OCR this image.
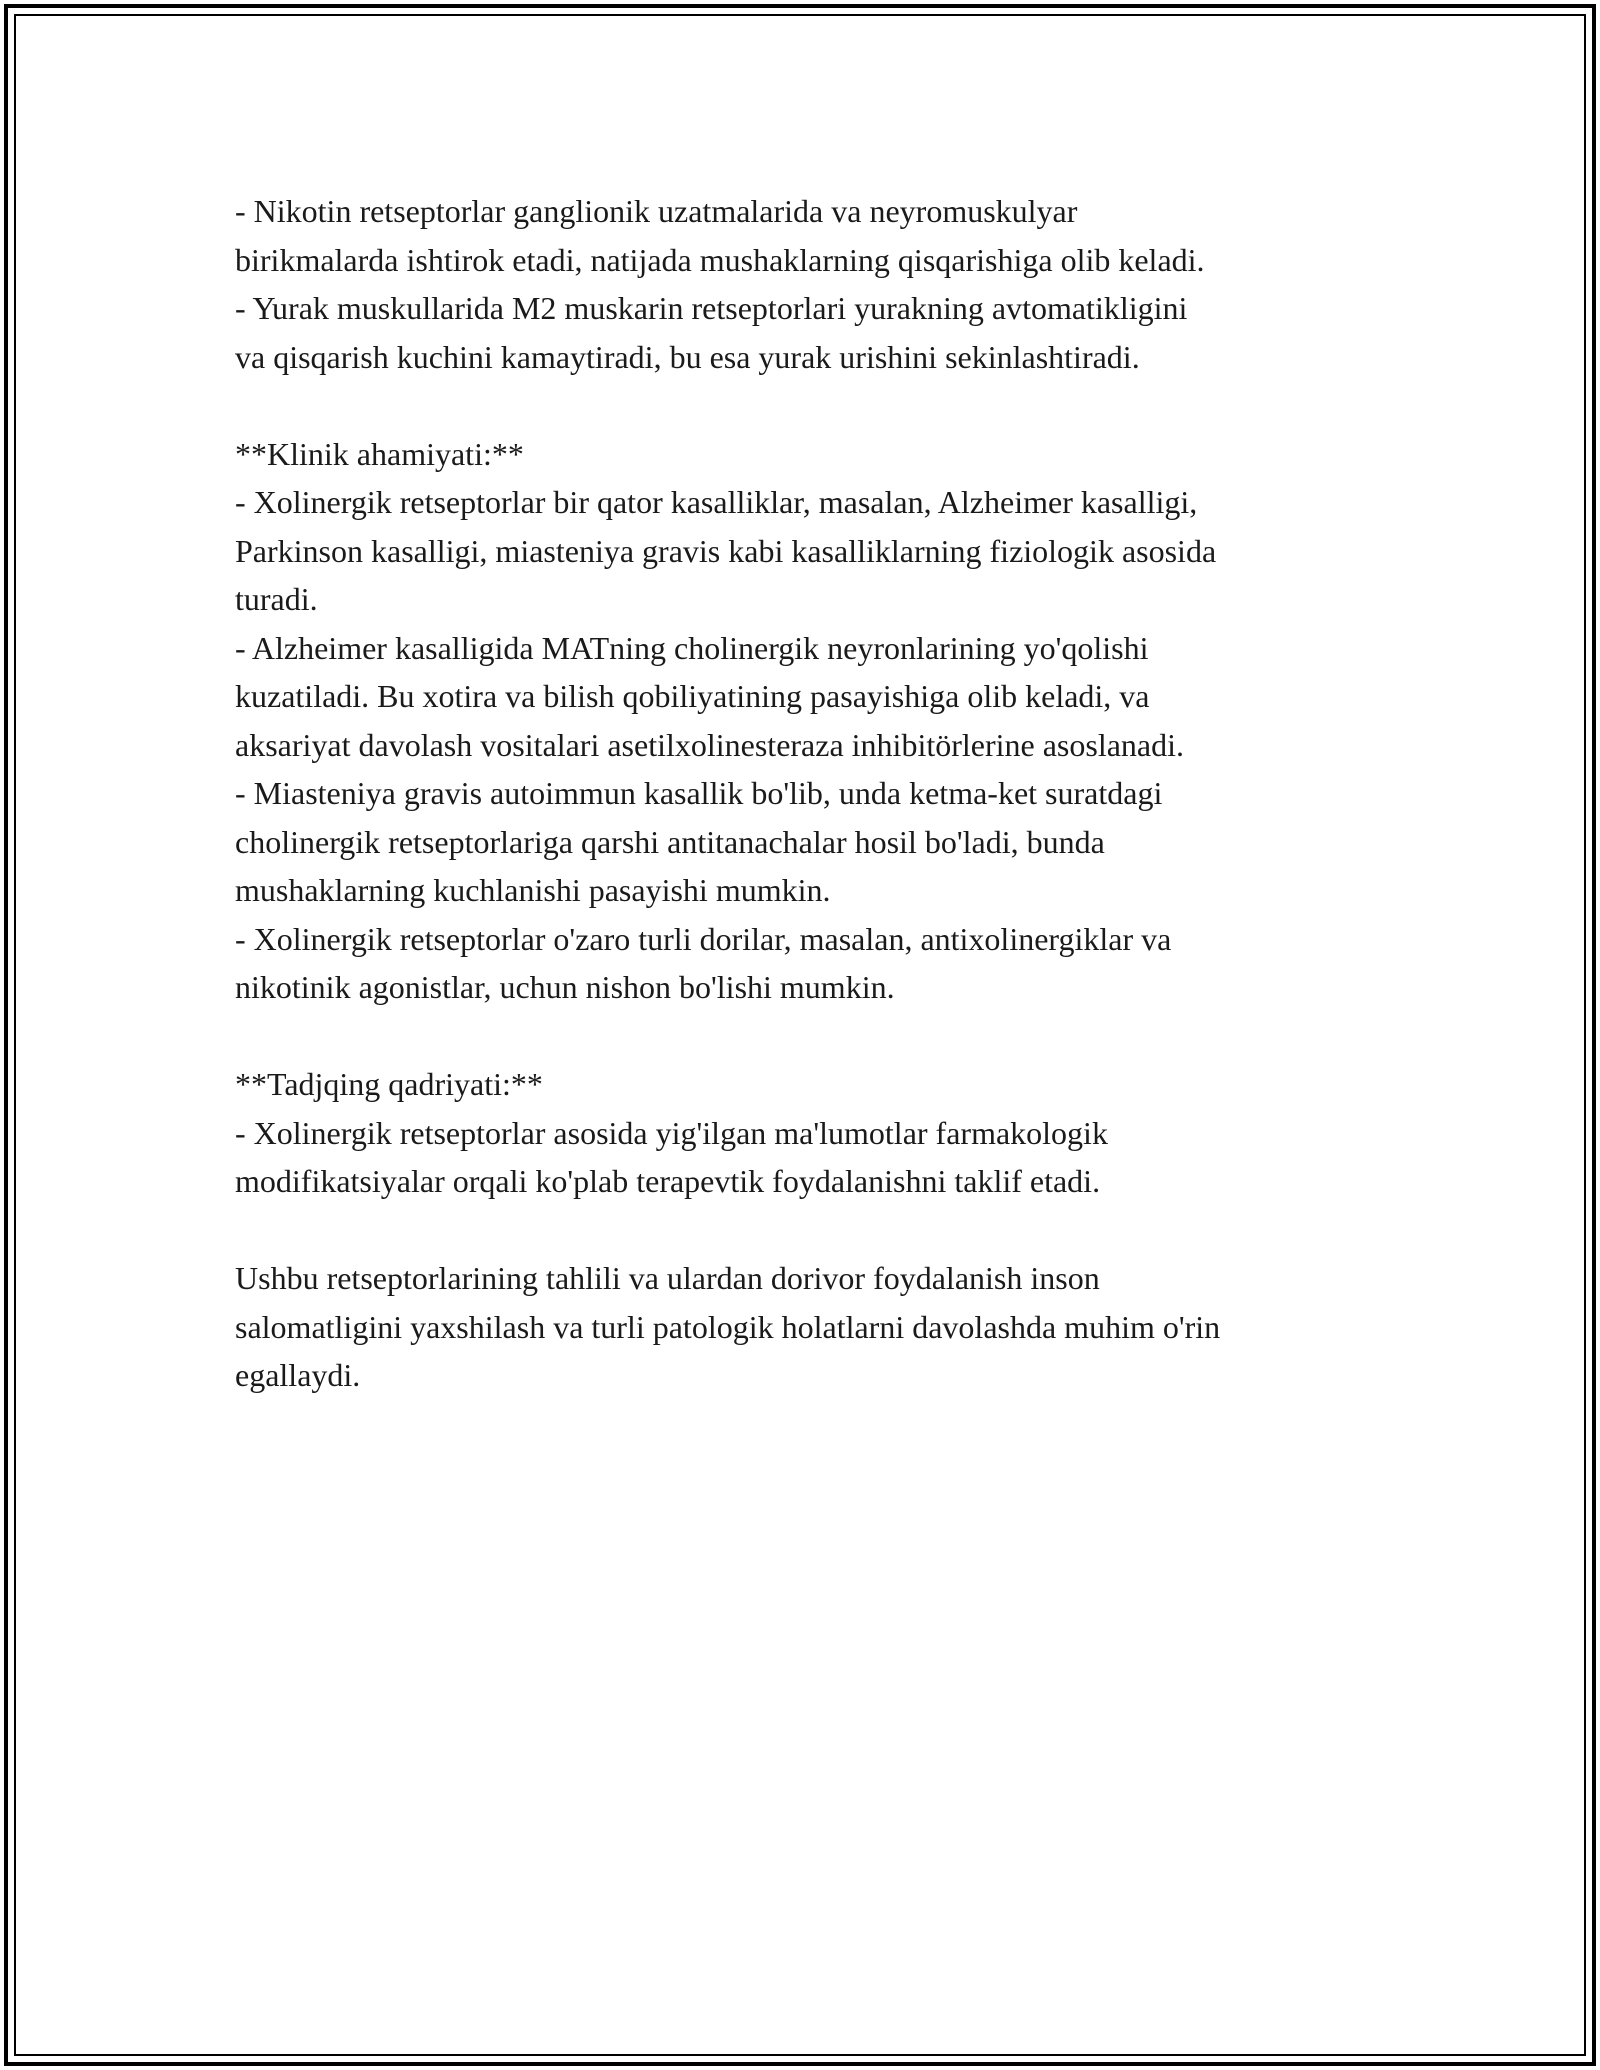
- Nikotin retseptorlar ganglionik uzatmalarida va neyromuskulyar
birikmalarda ishtirok etadi, natijada mushaklarning qisqarishiga olib keladi.
- Yurak muskullarida M2 muskarin retseptorlari yurakning avtomatikligini
va qisqarish kuchini kamaytiradi, bu esa yurak urishini sekinlashtiradi.
**Klinik ahamiyati:**
- Xolinergik retseptorlar bir qator kasalliklar, masalan, Alzheimer kasalligi,
Parkinson kasalligi, miasteniya gravis kabi kasalliklarning fiziologik asosida
turadi.
- Alzheimer kasalligida MATning cholinergik neyronlarining yo'qolishi
kuzatiladi. Bu xotira va bilish qobiliyatining pasayishiga olib keladi, va
aksariyat davolash vositalari asetilxolinesteraza inhibitörlerine asoslanadi.
- Miasteniya gravis autoimmun kasallik bo'lib, unda ketma-ket suratdagi
cholinergik retseptorlariga qarshi antitanachalar hosil bo'ladi, bunda
mushaklarning kuchlanishi pasayishi mumkin.
- Xolinergik retseptorlar o'zaro turli dorilar, masalan, antixolinergiklar va
nikotinik agonistlar, uchun nishon bo'lishi mumkin.
**Tadjqing qadriyati:**
- Xolinergik retseptorlar asosida yig'ilgan ma'lumotlar farmakologik
modifikatsiyalar orqali ko'plab terapevtik foydalanishni taklif etadi.
Ushbu retseptorlarining tahlili va ulardan dorivor foydalanish inson
salomatligini yaxshilash va turli patologik holatlarni davolashda muhim o'rin
egallaydi.
